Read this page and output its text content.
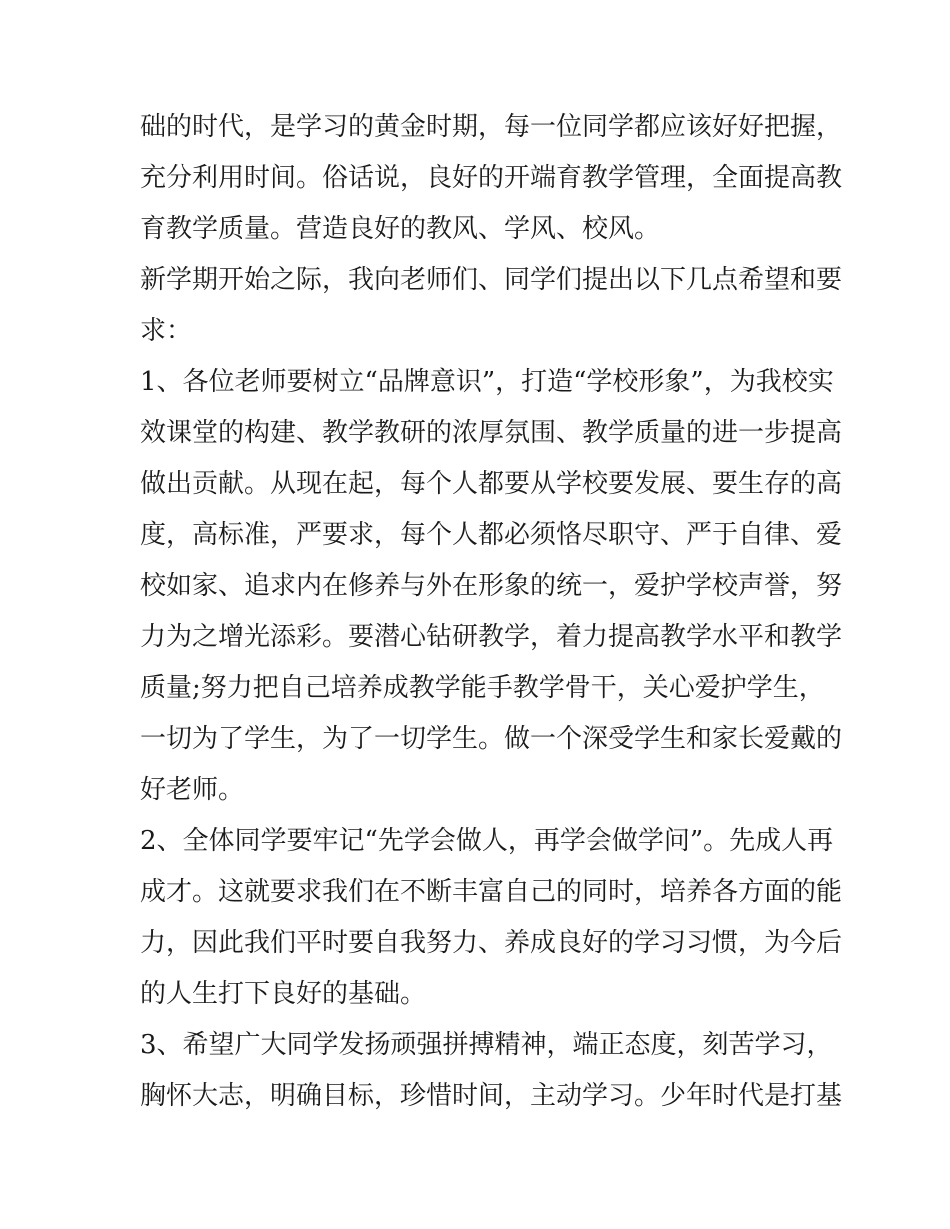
础的时代，是学习的黄金时期，每一位同学都应该好好把握，
充分利用时间。俗话说，良好的开端育教学管理，全面提高教
育教学质量。营造良好的教风、学风、校风。
新学期开始之际，我向老师们、同学们提出以下几点希望和要
求：
1、各位老师要树立“品牌意识”，打造“学校形象”，为我校实
效课堂的构建、教学教研的浓厚氛围、教学质量的进一步提高
做出贡献。从现在起，每个人都要从学校要发展、要生存的高
度，高标准，严要求，每个人都必须恪尽职守、严于自律、爱
校如家、追求内在修养与外在形象的统一，爱护学校声誉，努
力为之增光添彩。要潜心钻研教学，着力提高教学水平和教学
质量;努力把自己培养成教学能手教学骨干，关心爱护学生，
一切为了学生，为了一切学生。做一个深受学生和家长爱戴的
好老师。
2、全体同学要牢记“先学会做人，再学会做学问”。先成人再
成才。这就要求我们在不断丰富自己的同时，培养各方面的能
力，因此我们平时要自我努力、养成良好的学习习惯，为今后
的人生打下良好的基础。
3、希望广大同学发扬顽强拼搏精神，端正态度，刻苦学习，
胸怀大志，明确目标，珍惜时间，主动学习。少年时代是打基
